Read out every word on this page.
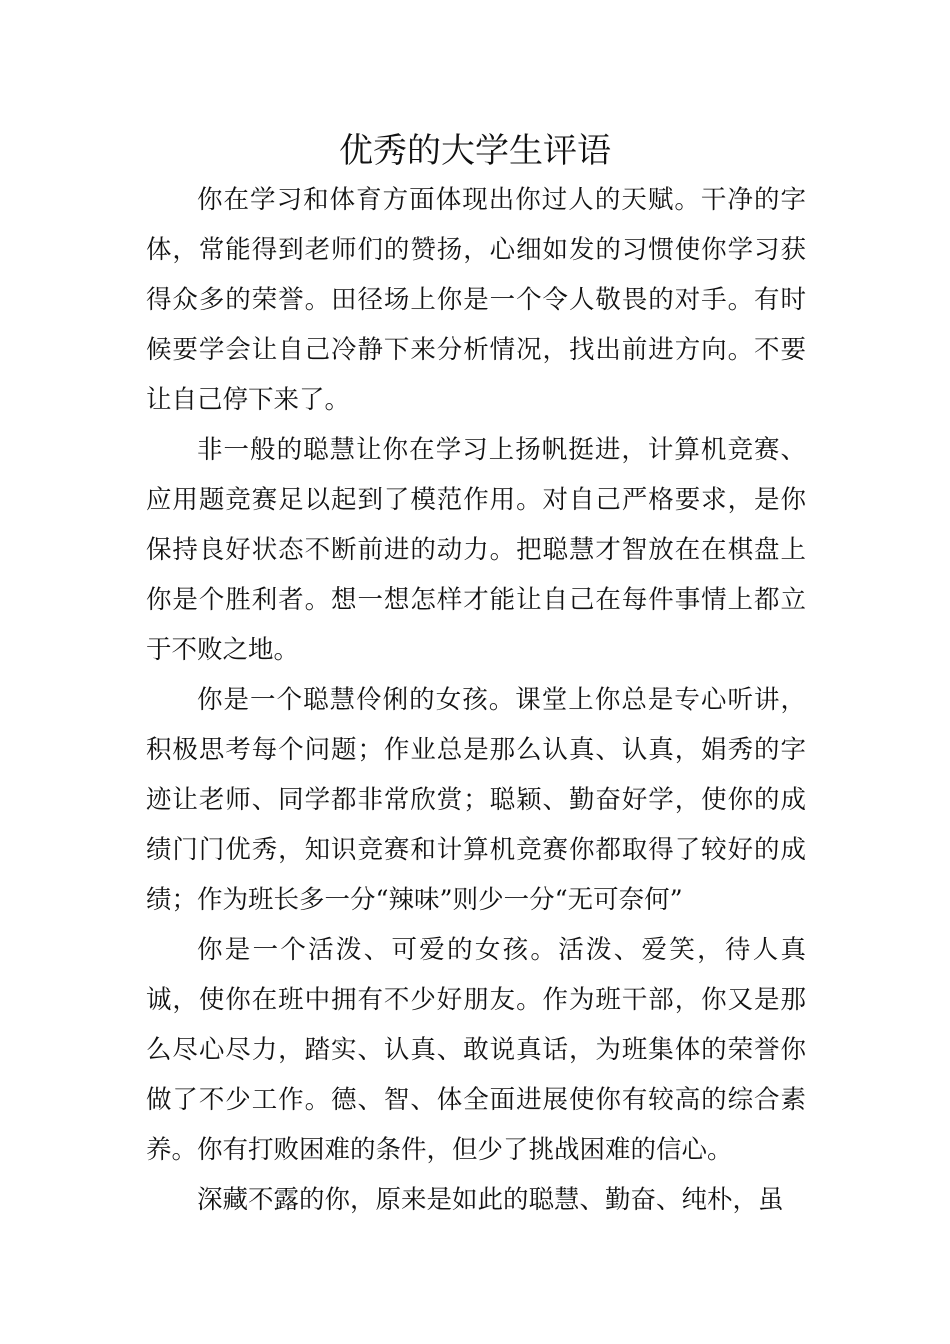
优秀的大学生评语

你在学习和体育方面体现出你过人的天赋。干净的字体，常能得到老师们的赞扬，心细如发的习惯使你学习获得众多的荣誉。田径场上你是一个令人敬畏的对手。有时候要学会让自己冷静下来分析情况，找出前进方向。不要让自己停下来了。

非一般的聪慧让你在学习上扬帆挺进，计算机竞赛、应用题竞赛足以起到了模范作用。对自己严格要求，是你保持良好状态不断前进的动力。把聪慧才智放在在棋盘上你是个胜利者。想一想怎样才能让自己在每件事情上都立于不败之地。

你是一个聪慧伶俐的女孩。课堂上你总是专心听讲，积极思考每个问题；作业总是那么认真、认真，娟秀的字迹让老师、同学都非常欣赏；聪颖、勤奋好学，使你的成绩门门优秀，知识竞赛和计算机竞赛你都取得了较好的成绩；作为班长多一分“辣味”则少一分“无可奈何”

你是一个活泼、可爱的女孩。活泼、爱笑，待人真诚，使你在班中拥有不少好朋友。作为班干部，你又是那么尽心尽力，踏实、认真、敢说真话，为班集体的荣誉你做了不少工作。德、智、体全面进展使你有较高的综合素养。你有打败困难的条件，但少了挑战困难的信心。

深藏不露的你，原来是如此的聪慧、勤奋、纯朴，虽
